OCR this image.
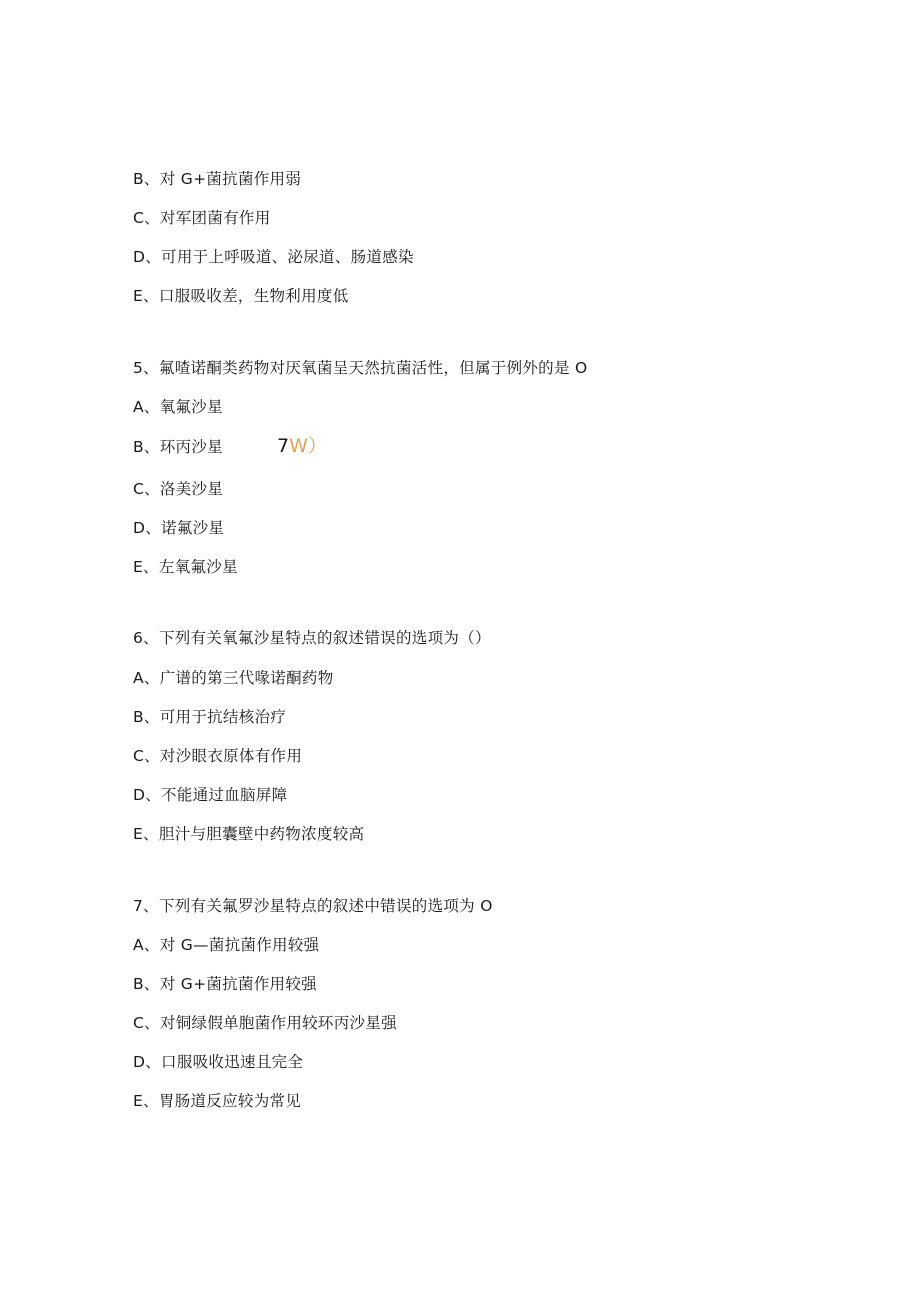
B、对 G+菌抗菌作用弱
C、对军团菌有作用
D、可用于上呼吸道、泌尿道、肠道感染
E、口服吸收差，生物利用度低
5、氟喳诺酮类药物对厌氧菌呈天然抗菌活性，但属于例外的是 O
A、氧氟沙星
B、环丙沙星	7W）
C、洛美沙星
D、诺氟沙星
E、左氧氟沙星
6、下列有关氧氟沙星特点的叙述错误的选项为（）
A、广谱的第三代喙诺酮药物
B、可用于抗结核治疗
C、对沙眼衣原体有作用
D、不能通过血脑屏障
E、胆汁与胆囊壁中药物浓度较高
7、下列有关氟罗沙星特点的叙述中错误的选项为 O
A、对 G—菌抗菌作用较强
B、对 G+菌抗菌作用较强
C、对铜绿假单胞菌作用较环丙沙星强
D、口服吸收迅速且完全
E、胃肠道反应较为常见
